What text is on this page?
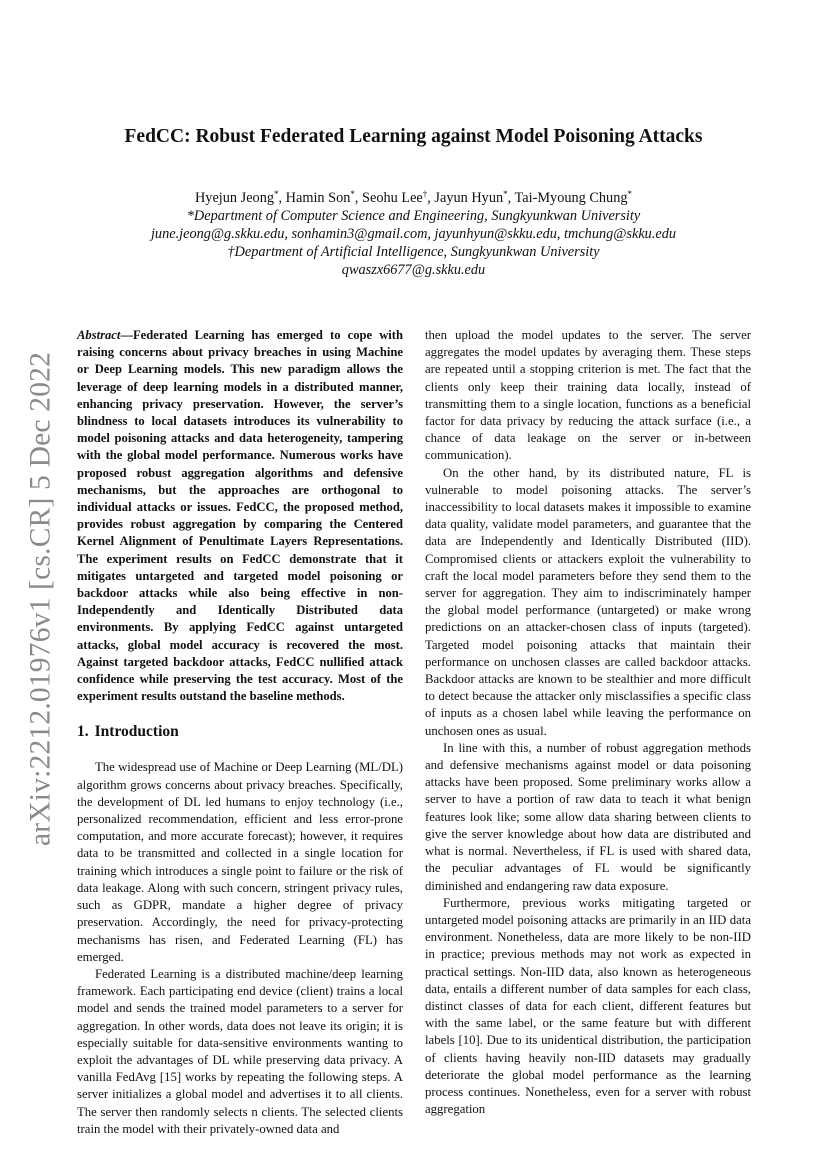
arXiv:2212.01976v1 [cs.CR] 5 Dec 2022
FedCC: Robust Federated Learning against Model Poisoning Attacks
Hyejun Jeong*, Hamin Son*, Seohu Lee†, Jayun Hyun*, Tai-Myoung Chung*
*Department of Computer Science and Engineering, Sungkyunkwan University
june.jeong@g.skku.edu, sonhamin3@gmail.com, jayunhyun@skku.edu, tmchung@skku.edu
†Department of Artificial Intelligence, Sungkyunkwan University
qwaszx6677@g.skku.edu

Abstract—Federated Learning has emerged to cope with raising concerns about privacy breaches in using Machine or Deep Learning models. This new paradigm allows the leverage of deep learning models in a distributed manner, enhancing privacy preservation. However, the server’s blindness to local datasets introduces its vulnerability to model poisoning attacks and data heterogeneity, tampering with the global model performance. Numerous works have proposed robust aggregation algorithms and defensive mechanisms, but the approaches are orthogonal to individual attacks or issues. FedCC, the proposed method, provides robust aggregation by comparing the Centered Kernel Alignment of Penultimate Layers Representations. The experiment results on FedCC demonstrate that it mitigates untargeted and targeted model poisoning or backdoor attacks while also being effective in non-Independently and Identically Distributed data environments. By applying FedCC against untargeted attacks, global model accuracy is recovered the most. Against targeted backdoor attacks, FedCC nullified attack confidence while preserving the test accuracy. Most of the experiment results outstand the baseline methods.

1. Introduction

The widespread use of Machine or Deep Learning (ML/DL) algorithm grows concerns about privacy breaches. Specifically, the development of DL led humans to enjoy technology (i.e., personalized recommendation, efficient and less error-prone computation, and more accurate forecast); however, it requires data to be transmitted and collected in a single location for training which introduces a single point to failure or the risk of data leakage. Along with such concern, stringent privacy rules, such as GDPR, mandate a higher degree of privacy preservation. Accordingly, the need for privacy-protecting mechanisms has risen, and Federated Learning (FL) has emerged.

Federated Learning is a distributed machine/deep learning framework. Each participating end device (client) trains a local model and sends the trained model parameters to a server for aggregation. In other words, data does not leave its origin; it is especially suitable for data-sensitive environments wanting to exploit the advantages of DL while preserving data privacy. A vanilla FedAvg [15] works by repeating the following steps. A server initializes a global model and advertises it to all clients. The server then randomly selects n clients. The selected clients train the model with their privately-owned data and

then upload the model updates to the server. The server aggregates the model updates by averaging them. These steps are repeated until a stopping criterion is met. The fact that the clients only keep their training data locally, instead of transmitting them to a single location, functions as a beneficial factor for data privacy by reducing the attack surface (i.e., a chance of data leakage on the server or in-between communication).

On the other hand, by its distributed nature, FL is vulnerable to model poisoning attacks. The server’s inaccessibility to local datasets makes it impossible to examine data quality, validate model parameters, and guarantee that the data are Independently and Identically Distributed (IID). Compromised clients or attackers exploit the vulnerability to craft the local model parameters before they send them to the server for aggregation. They aim to indiscriminately hamper the global model performance (untargeted) or make wrong predictions on an attacker-chosen class of inputs (targeted). Targeted model poisoning attacks that maintain their performance on unchosen classes are called backdoor attacks. Backdoor attacks are known to be stealthier and more difficult to detect because the attacker only misclassifies a specific class of inputs as a chosen label while leaving the performance on unchosen ones as usual.

In line with this, a number of robust aggregation methods and defensive mechanisms against model or data poisoning attacks have been proposed. Some preliminary works allow a server to have a portion of raw data to teach it what benign features look like; some allow data sharing between clients to give the server knowledge about how data are distributed and what is normal. Nevertheless, if FL is used with shared data, the peculiar advantages of FL would be significantly diminished and endangering raw data exposure.

Furthermore, previous works mitigating targeted or untargeted model poisoning attacks are primarily in an IID data environment. Nonetheless, data are more likely to be non-IID in practice; previous methods may not work as expected in practical settings. Non-IID data, also known as heterogeneous data, entails a different number of data samples for each class, distinct classes of data for each client, different features but with the same label, or the same feature but with different labels [10]. Due to its unidentical distribution, the participation of clients having heavily non-IID datasets may gradually deteriorate the global model performance as the learning process continues. Nonetheless, even for a server with robust aggregation
